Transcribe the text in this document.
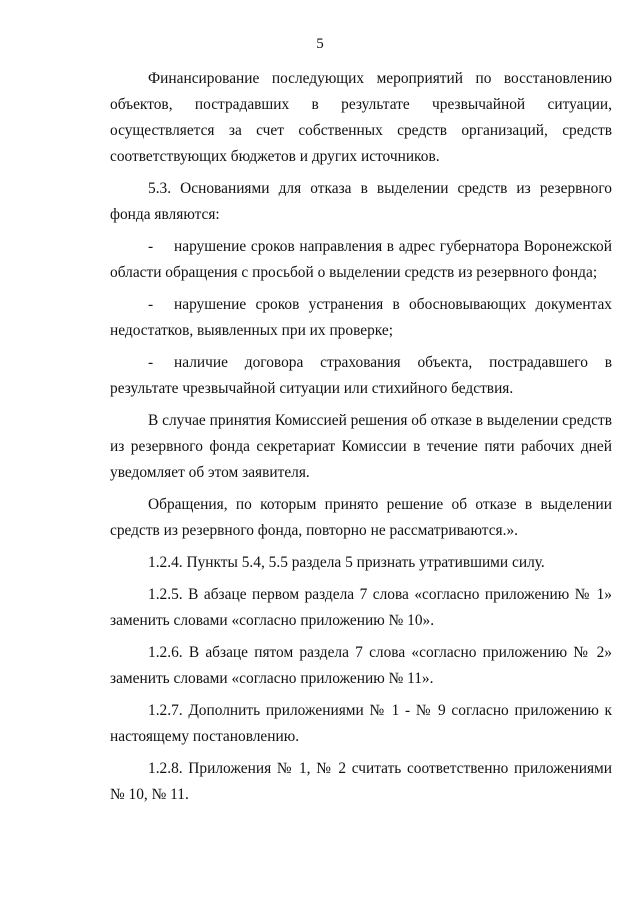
5

Финансирование последующих мероприятий по восстановлению объектов, пострадавших в результате чрезвычайной ситуации, осуществляется за счет собственных средств организаций, средств соответствующих бюджетов и других источников.

5.3. Основаниями для отказа в выделении средств из резервного фонда являются:

- нарушение сроков направления в адрес губернатора Воронежской области обращения с просьбой о выделении средств из резервного фонда;

- нарушение сроков устранения в обосновывающих документах недостатков, выявленных при их проверке;

- наличие договора страхования объекта, пострадавшего в результате чрезвычайной ситуации или стихийного бедствия.

В случае принятия Комиссией решения об отказе в выделении средств из резервного фонда секретариат Комиссии в течение пяти рабочих дней уведомляет об этом заявителя.

Обращения, по которым принято решение об отказе в выделении средств из резервного фонда, повторно не рассматриваются.».

1.2.4. Пункты 5.4, 5.5 раздела 5 признать утратившими силу.

1.2.5. В абзаце первом раздела 7 слова «согласно приложению № 1» заменить словами «согласно приложению № 10».

1.2.6. В абзаце пятом раздела 7 слова «согласно приложению № 2» заменить словами «согласно приложению № 11».

1.2.7. Дополнить приложениями № 1 - № 9 согласно приложению к настоящему постановлению.

1.2.8. Приложения № 1, № 2 считать соответственно приложениями № 10, № 11.
